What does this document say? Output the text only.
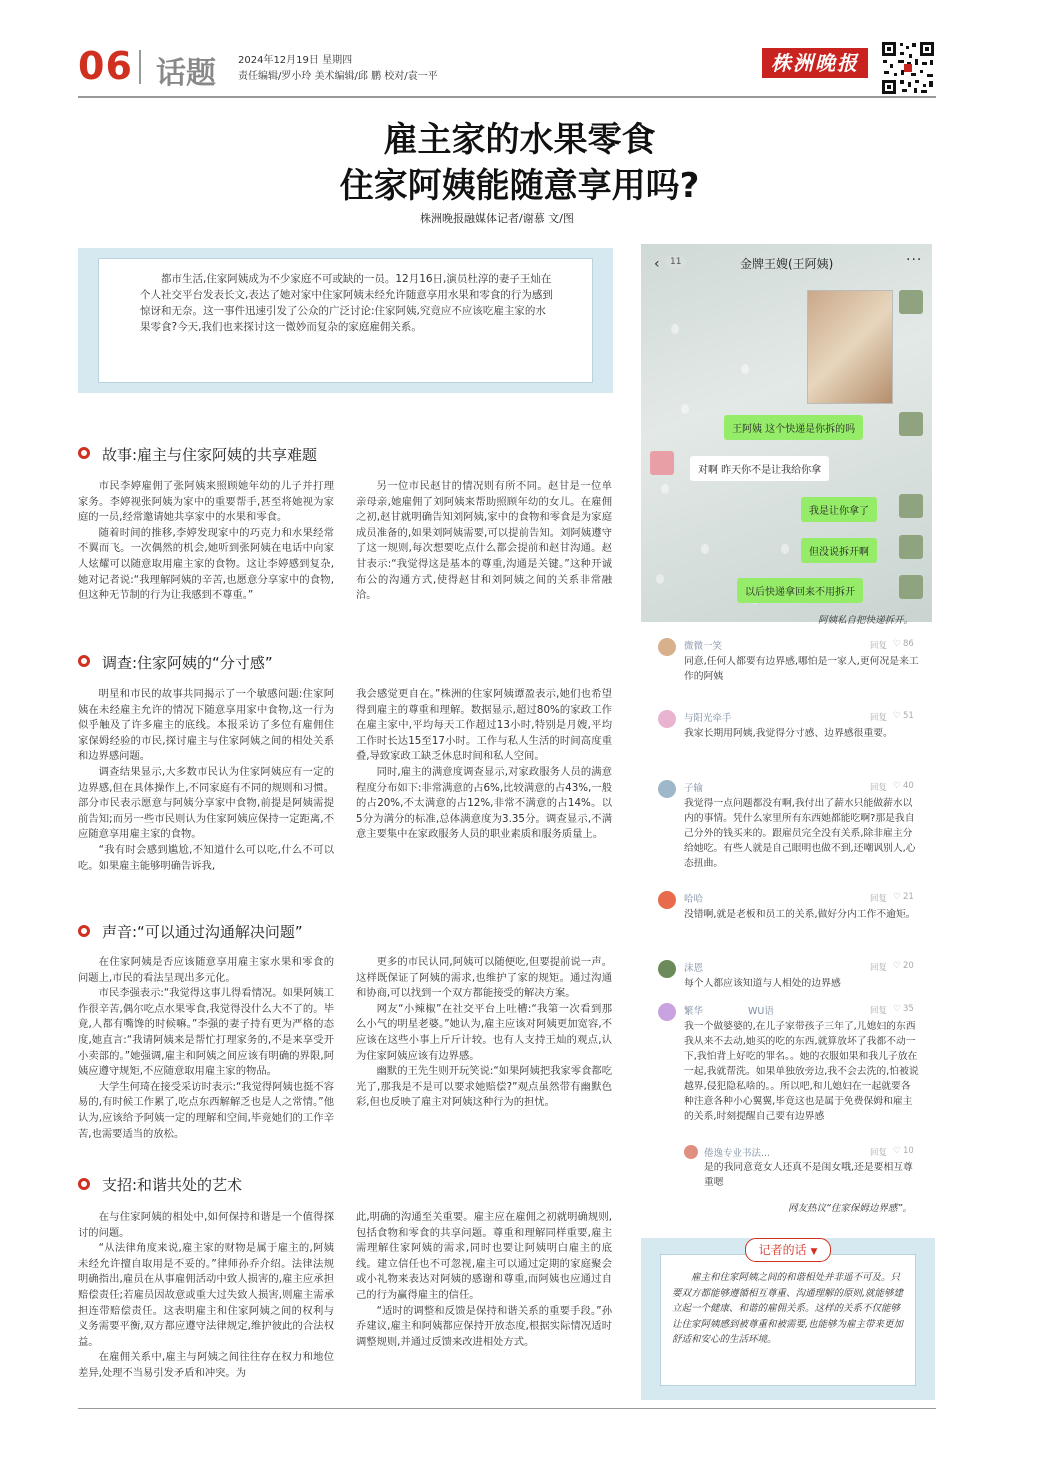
06 话题 2024年12月19日 星期四
责任编辑/罗小玲 美术编辑/邱 鹏 校对/袁一平
株洲晚报
雇主家的水果零食
住家阿姨能随意享用吗?
株洲晚报融媒体记者/谢慕 文/图
都市生活,住家阿姨成为不少家庭不可或缺的一员。12月16日,演员杜淳的妻子王灿在个人社交平台发表长文,表达了她对家中住家阿姨未经允许随意享用水果和零食的行为感到惊讶和无奈。这一事件迅速引发了公众的广泛讨论:住家阿姨,究竟应不应该吃雇主家的水果零食?今天,我们也来探讨这一微妙而复杂的家庭雇佣关系。
故事:雇主与住家阿姨的共享难题

市民李婷雇佣了张阿姨来照顾她年幼的儿子并打理家务。李婷视张阿姨为家中的重要帮手,甚至将她视为家庭的一员,经常邀请她共享家中的水果和零食。

随着时间的推移,李婷发现家中的巧克力和水果经常不翼而飞。一次偶然的机会,她听到张阿姨在电话中向家人炫耀可以随意取用雇主家的食物。这让李婷感到复杂,她对记者说:“我理解阿姨的辛苦,也愿意分享家中的食物,但这种无节制的行为让我感到不尊重。”

另一位市民赵甘的情况则有所不同。赵甘是一位单亲母亲,她雇佣了刘阿姨来帮助照顾年幼的女儿。在雇佣之初,赵甘就明确告知刘阿姨,家中的食物和零食是为家庭成员准备的,如果刘阿姨需要,可以提前告知。刘阿姨遵守了这一规则,每次想要吃点什么都会提前和赵甘沟通。赵甘表示:“我觉得这是基本的尊重,沟通是关键。”这种开诚布公的沟通方式,使得赵甘和刘阿姨之间的关系非常融洽。

调查:住家阿姨的“分寸感”

明星和市民的故事共同揭示了一个敏感问题:住家阿姨在未经雇主允许的情况下随意享用家中食物,这一行为似乎触及了许多雇主的底线。本报采访了多位有雇佣住家保姆经验的市民,探讨雇主与住家阿姨之间的相处关系和边界感问题。

调查结果显示,大多数市民认为住家阿姨应有一定的边界感,但在具体操作上,不同家庭有不同的规则和习惯。部分市民表示愿意与阿姨分享家中食物,前提是阿姨需提前告知;而另一些市民则认为住家阿姨应保持一定距离,不应随意享用雇主家的食物。

“我有时会感到尴尬,不知道什么可以吃,什么不可以吃。如果雇主能够明确告诉我,

我会感觉更自在。”株洲的住家阿姨谭盈表示,她们也希望得到雇主的尊重和理解。数据显示,超过80%的家政工作在雇主家中,平均每天工作超过13小时,特别是月嫂,平均工作时长达15至17小时。工作与私人生活的时间高度重叠,导致家政工缺乏休息时间和私人空间。

同时,雇主的满意度调查显示,对家政服务人员的满意程度分布如下:非常满意的占6%,比较满意的占43%,一般的占20%,不太满意的占12%,非常不满意的占14%。以5分为满分的标准,总体满意度为3.35分。调查显示,不满意主要集中在家政服务人员的职业素质和服务质量上。

声音:“可以通过沟通解决问题”

在住家阿姨是否应该随意享用雇主家水果和零食的问题上,市民的看法呈现出多元化。

市民李强表示:“我觉得这事儿得看情况。如果阿姨工作很辛苦,偶尔吃点水果零食,我觉得没什么大不了的。毕竟,人都有嘴馋的时候嘛。”李强的妻子持有更为严格的态度,她直言:“我请阿姨来是帮忙打理家务的,不是来享受开小卖部的。”她强调,雇主和阿姨之间应该有明确的界限,阿姨应遵守规矩,不应随意取用雇主家的物品。

大学生何琦在接受采访时表示:“我觉得阿姨也挺不容易的,有时候工作累了,吃点东西解解乏也是人之常情。”他认为,应该给予阿姨一定的理解和空间,毕竟她们的工作辛苦,也需要适当的放松。

更多的市民认同,阿姨可以随便吃,但要提前说一声。这样既保证了阿姨的需求,也维护了家的规矩。通过沟通和协商,可以找到一个双方都能接受的解决方案。

网友“小辣椒”在社交平台上吐槽:“我第一次看到那么小气的明星老婆。”她认为,雇主应该对阿姨更加宽容,不应该在这些小事上斤斤计较。也有人支持王灿的观点,认为住家阿姨应该有边界感。

幽默的王先生则开玩笑说:“如果阿姨把我家零食都吃光了,那我是不是可以要求她赔偿?”观点虽然带有幽默色彩,但也反映了雇主对阿姨这种行为的担忧。

支招:和谐共处的艺术

在与住家阿姨的相处中,如何保持和谐是一个值得探讨的问题。

“从法律角度来说,雇主家的财物是属于雇主的,阿姨未经允许擅自取用是不妥的。”律师孙乔介绍。法律法规明确指出,雇员在从事雇佣活动中致人损害的,雇主应承担赔偿责任;若雇员因故意或重大过失致人损害,则雇主需承担连带赔偿责任。这表明雇主和住家阿姨之间的权利与义务需要平衡,双方都应遵守法律规定,维护彼此的合法权益。

在雇佣关系中,雇主与阿姨之间往往存在权力和地位差异,处理不当易引发矛盾和冲突。为

此,明确的沟通至关重要。雇主应在雇佣之初就明确规则,包括食物和零食的共享问题。尊重和理解同样重要,雇主需理解住家阿姨的需求,同时也要让阿姨明白雇主的底线。建立信任也不可忽视,雇主可以通过定期的家庭聚会或小礼物来表达对阿姨的感谢和尊重,而阿姨也应通过自己的行为赢得雇主的信任。

“适时的调整和反馈是保持和谐关系的重要手段。”孙乔建议,雇主和阿姨都应保持开放态度,根据实际情况适时调整规则,并通过反馈来改进相处方式。

‹	11	金牌王嫂(王阿姨)	···
王阿姨 这个快递是你拆的吗
对啊 昨天你不是让我给你拿
我是让你拿了
但没说拆开啊
以后快递拿回来不用拆开
阿姨私自把快递拆开。
微微一笑	回复 ♡ 86
同意,任何人都要有边界感,哪怕是一家人,更何况是来工作的阿姨
与阳光牵手	回复 ♡ 51
我家长期用阿姨,我觉得分寸感、边界感很重要。
子输	回复 ♡ 40
我觉得一点问题都没有啊,我付出了薪水只能做薪水以内的事情。凭什么家里所有东西她都能吃啊?那是我自己分外的钱买来的。跟雇员完全没有关系,除非雇主分给她吃。有些人就是自己眼明也做不到,还嘲讽别人,心态扭曲。
哈哈	回复 ♡ 21
没错啊,就是老板和员工的关系,做好分内工作不逾矩。
沫恩	回复 ♡ 20
每个人都应该知道与人相处的边界感
繁华	WU语	回复 ♡ 35
我一个做婆婆的,在儿子家带孩子三年了,儿媳妇的东西我从来不去动,她买的吃的东西,就算放坏了我都不动一下,我怕背上好吃的罪名。。她的衣服如果和我儿子放在一起,我就帮洗。如果单独放旁边,我不会去洗的,怕被说越界,侵犯隐私啥的。。所以吧,和儿媳妇在一起就要各种注意各种小心翼翼,毕竟这也是属于免费保姆和雇主的关系,时刻提醒自己要有边界感
倦逸专业书法...	回复 ♡ 10
是的我同意竟女人还真不是闺女哦,还是要相互尊重嗯
网友热议“住家保姆边界感”。
记者的话 ▼
雇主和住家阿姨之间的和谐相处并非遥不可及。只要双方都能够遵循相互尊重、沟通理解的原则,就能够建立起一个健康、和谐的雇佣关系。这样的关系不仅能够让住家阿姨感到被尊重和被需要,也能够为雇主带来更加舒适和安心的生活环境。
